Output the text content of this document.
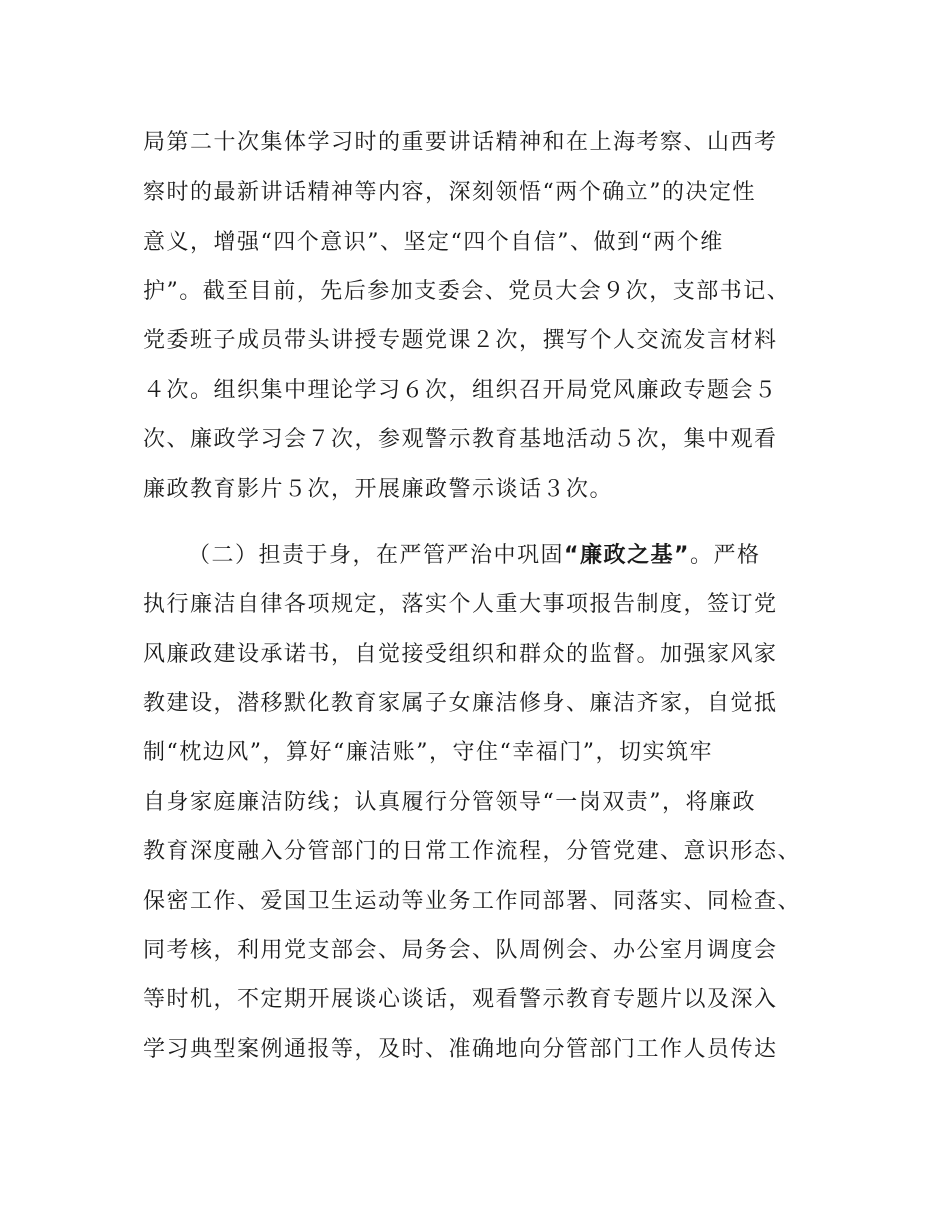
局第二十次集体学习时的重要讲话精神和在上海考察、山西考
察时的最新讲话精神等内容，深刻领悟“两个确立”的决定性
意义，增强“四个意识”、坚定“四个自信”、做到“两个维
护”。截至目前，先后参加支委会、党员大会９次，支部书记、
党委班子成员带头讲授专题党课２次，撰写个人交流发言材料
４次。组织集中理论学习６次，组织召开局党风廉政专题会５
次、廉政学习会７次，参观警示教育基地活动５次，集中观看
廉政教育影片５次，开展廉政警示谈话３次。
（二）担责于身，在严管严治中巩固“廉政之基”。严格
执行廉洁自律各项规定，落实个人重大事项报告制度，签订党
风廉政建设承诺书，自觉接受组织和群众的监督。加强家风家
教建设，潜移默化教育家属子女廉洁修身、廉洁齐家，自觉抵
制“枕边风”，算好“廉洁账”，守住“幸福门”，切实筑牢
自身家庭廉洁防线；认真履行分管领导“一岗双责”，将廉政
教育深度融入分管部门的日常工作流程，分管党建、意识形态、
保密工作、爱国卫生运动等业务工作同部署、同落实、同检查、
同考核，利用党支部会、局务会、队周例会、办公室月调度会
等时机，不定期开展谈心谈话，观看警示教育专题片以及深入
学习典型案例通报等，及时、准确地向分管部门工作人员传达
